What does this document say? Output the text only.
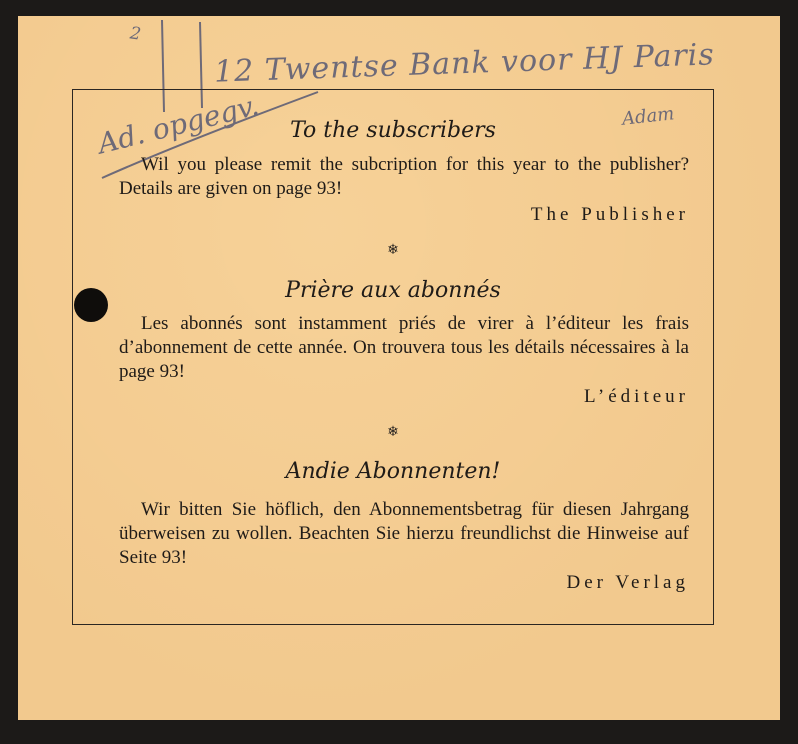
2
12 Twentse Bank voor HJ Paris
Adam
Ad. opgegv.	To the subscribers
Wil you please remit the subcription for this year to the publisher? Details are given on page 93!
The Publisher
❄
Prière aux abonnés
Les abonnés sont instamment priés de virer à l’éditeur les frais d’abonnement de cette année. On trouvera tous les détails nécessaires à la page 93!
L’éditeur
❄
Andie Abonnenten!
Wir bitten Sie höflich, den Abonnementsbetrag für diesen Jahrgang überweisen zu wollen. Beachten Sie hierzu freundlichst die Hinweise auf Seite 93!
Der Verlag
